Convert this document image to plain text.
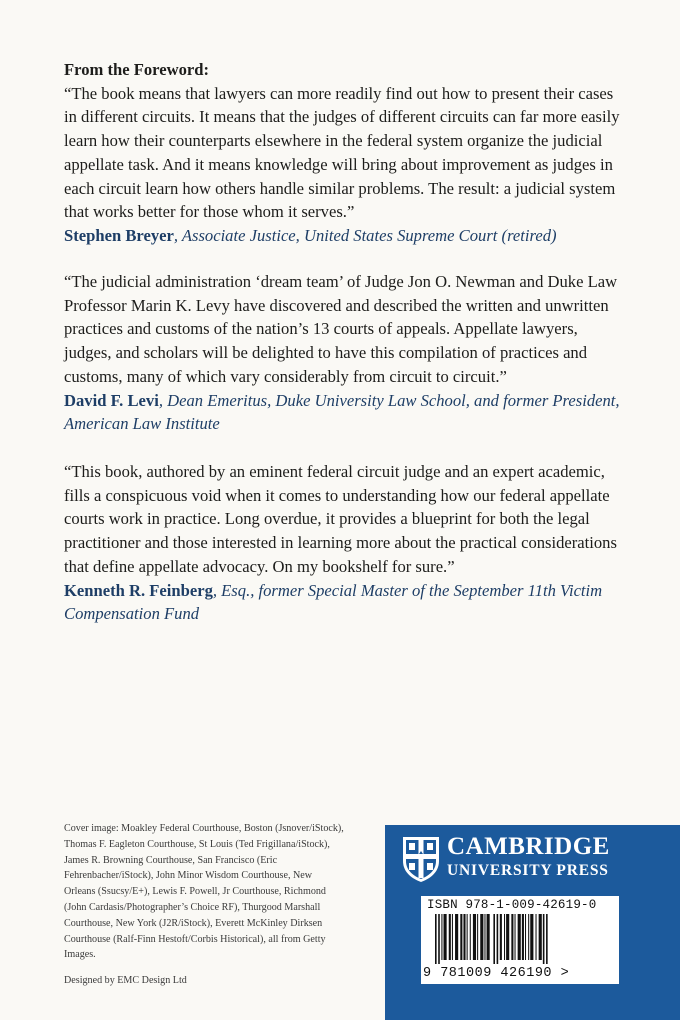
From the Foreword:
“The book means that lawyers can more readily find out how to present their cases in different circuits. It means that the judges of different circuits can far more easily learn how their counterparts elsewhere in the federal system organize the judicial appellate task. And it means knowledge will bring about improvement as judges in each circuit learn how others handle similar problems. The result: a judicial system that works better for those whom it serves.”
Stephen Breyer, Associate Justice, United States Supreme Court (retired)
“The judicial administration ‘dream team’ of Judge Jon O. Newman and Duke Law Professor Marin K. Levy have discovered and described the written and unwritten practices and customs of the nation’s 13 courts of appeals. Appellate lawyers, judges, and scholars will be delighted to have this compilation of practices and customs, many of which vary considerably from circuit to circuit.”
David F. Levi, Dean Emeritus, Duke University Law School, and former President, American Law Institute
“This book, authored by an eminent federal circuit judge and an expert academic, fills a conspicuous void when it comes to understanding how our federal appellate courts work in practice. Long overdue, it provides a blueprint for both the legal practitioner and those interested in learning more about the practical considerations that define appellate advocacy. On my bookshelf for sure.”
Kenneth R. Feinberg, Esq., former Special Master of the September 11th Victim Compensation Fund
Cover image: Moakley Federal Courthouse, Boston (Jsnover/iStock), Thomas F. Eagleton Courthouse, St Louis (Ted Frigillana/iStock), James R. Browning Courthouse, San Francisco (Eric Fehrenbacher/iStock), John Minor Wisdom Courthouse, New Orleans (Ssucsy/E+), Lewis F. Powell, Jr Courthouse, Richmond (John Cardasis/Photographer’s Choice RF), Thurgood Marshall Courthouse, New York (J2R/iStock), Everett McKinley Dirksen Courthouse (Ralf-Finn Hestoft/Corbis Historical), all from Getty Images.
Designed by EMC Design Ltd
CAMBRIDGE
UNIVERSITY PRESS
ISBN 978-1-009-42619-0
9 781009 426190 >
